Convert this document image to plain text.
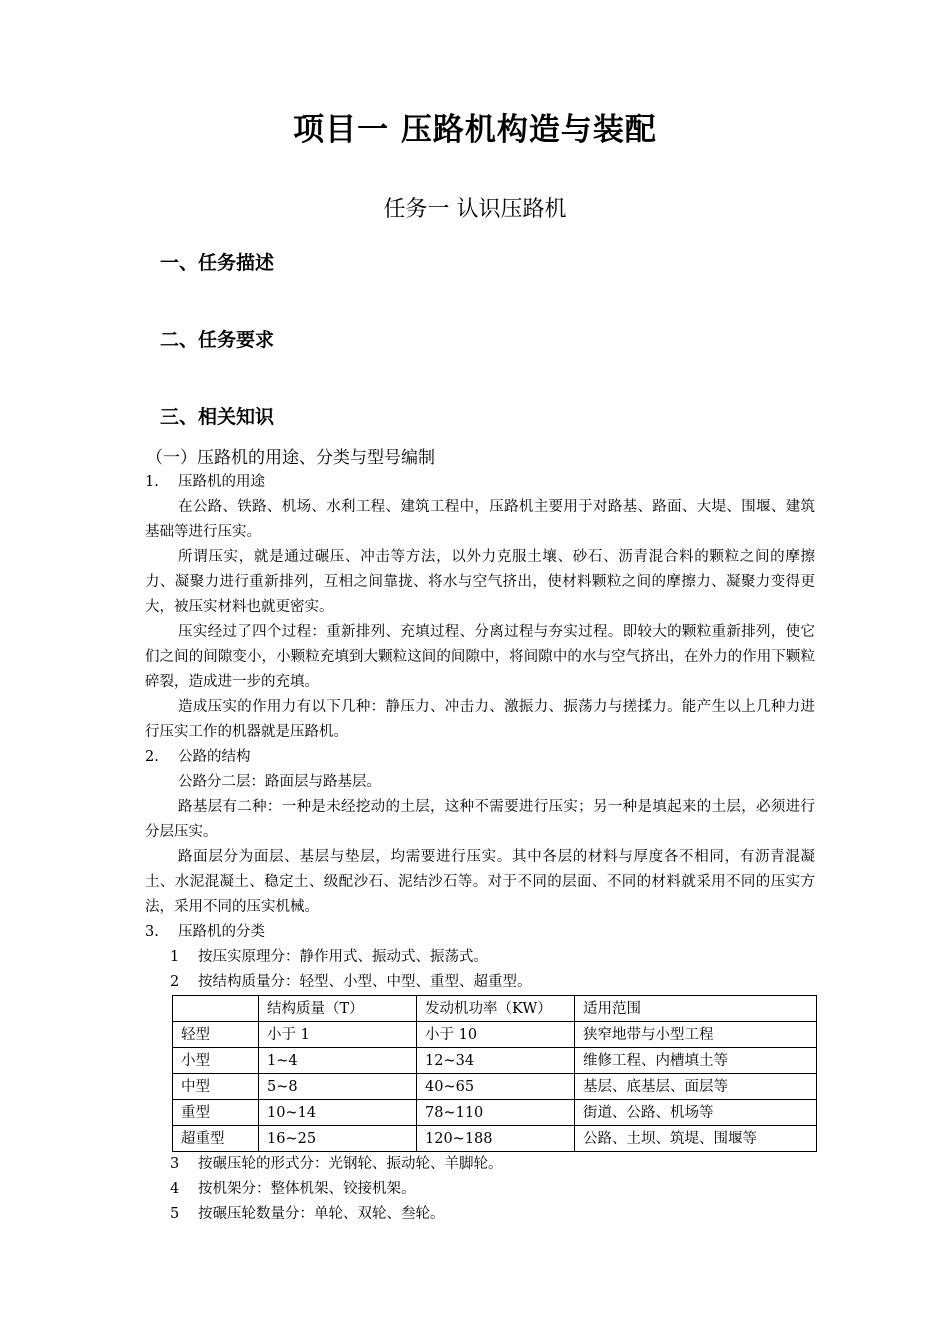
项目一 压路机构造与装配
任务一 认识压路机
一、任务描述
二、任务要求
三、相关知识
（一）压路机的用途、分类与型号编制
1. 压路机的用途
在公路、铁路、机场、水利工程、建筑工程中，压路机主要用于对路基、路面、大堤、围堰、建筑基础等进行压实。
所谓压实，就是通过碾压、冲击等方法，以外力克服土壤、砂石、沥青混合料的颗粒之间的摩擦力、凝聚力进行重新排列，互相之间靠拢、将水与空气挤出，使材料颗粒之间的摩擦力、凝聚力变得更大，被压实材料也就更密实。
压实经过了四个过程：重新排列、充填过程、分离过程与夯实过程。即较大的颗粒重新排列，使它们之间的间隙变小，小颗粒充填到大颗粒这间的间隙中，将间隙中的水与空气挤出，在外力的作用下颗粒碎裂，造成进一步的充填。
造成压实的作用力有以下几种：静压力、冲击力、激振力、振荡力与搓揉力。能产生以上几种力进行压实工作的机器就是压路机。
2. 公路的结构
公路分二层：路面层与路基层。
路基层有二种：一种是未经挖动的土层，这种不需要进行压实；另一种是填起来的土层，必须进行分层压实。
路面层分为面层、基层与垫层，均需要进行压实。其中各层的材料与厚度各不相同，有沥青混凝土、水泥混凝土、稳定土、级配沙石、泥结沙石等。对于不同的层面、不同的材料就采用不同的压实方法，采用不同的压实机械。
3. 压路机的分类
1 按压实原理分：静作用式、振动式、振荡式。
2 按结构质量分：轻型、小型、中型、重型、超重型。
	结构质量（T）	发动机功率（KW）	适用范围
轻型	小于 1	小于 10	狭窄地带与小型工程
小型	1~4	12~34	维修工程、内槽填土等
中型	5~8	40~65	基层、底基层、面层等
重型	10~14	78~110	街道、公路、机场等
超重型	16~25	120~188	公路、土坝、筑堤、围堰等
3 按碾压轮的形式分：光钢轮、振动轮、羊脚轮。
4 按机架分：整体机架、铰接机架。
5 按碾压轮数量分：单轮、双轮、叁轮。
